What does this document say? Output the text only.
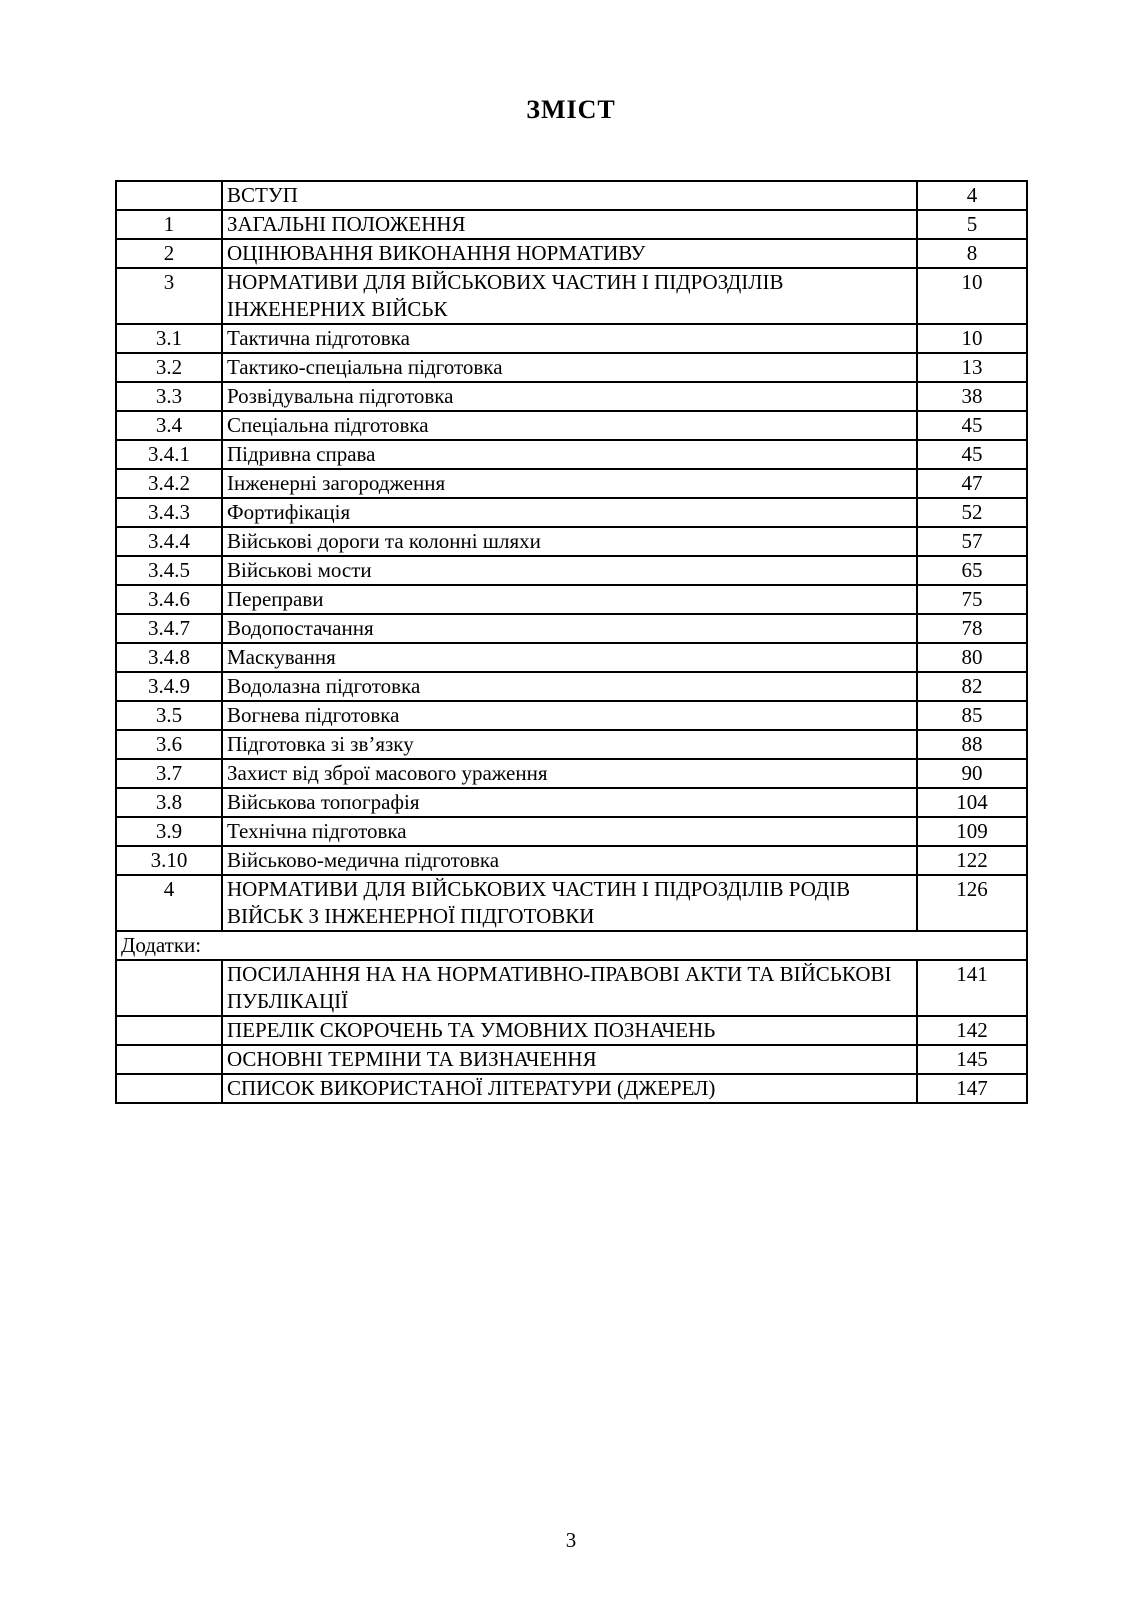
ЗМІСТ
	ВСТУП	4
1	ЗАГАЛЬНІ ПОЛОЖЕННЯ	5
2	ОЦІНЮВАННЯ ВИКОНАННЯ НОРМАТИВУ	8
3	НОРМАТИВИ ДЛЯ ВІЙСЬКОВИХ ЧАСТИН І ПІДРОЗДІЛІВ ІНЖЕНЕРНИХ ВІЙСЬК	10
3.1	Тактична підготовка	10
3.2	Тактико-спеціальна підготовка	13
3.3	Розвідувальна підготовка	38
3.4	Спеціальна підготовка	45
3.4.1	Підривна справа	45
3.4.2	Інженерні загородження	47
3.4.3	Фортифікація	52
3.4.4	Військові дороги та колонні шляхи	57
3.4.5	Військові мости	65
3.4.6	Переправи	75
3.4.7	Водопостачання	78
3.4.8	Маскування	80
3.4.9	Водолазна підготовка	82
3.5	Вогнева підготовка	85
3.6	Підготовка зі зв’язку	88
3.7	Захист від зброї масового ураження	90
3.8	Військова топографія	104
3.9	Технічна підготовка	109
3.10	Військово-медична підготовка	122
4	НОРМАТИВИ ДЛЯ ВІЙСЬКОВИХ ЧАСТИН І ПІДРОЗДІЛІВ РОДІВ ВІЙСЬК З ІНЖЕНЕРНОЇ ПІДГОТОВКИ	126
Додатки:		
	ПОСИЛАННЯ НА НА НОРМАТИВНО-ПРАВОВІ АКТИ ТА ВІЙСЬКОВІ ПУБЛІКАЦІЇ	141
	ПЕРЕЛІК СКОРОЧЕНЬ ТА УМОВНИХ ПОЗНАЧЕНЬ	142
	ОСНОВНІ ТЕРМІНИ ТА ВИЗНАЧЕННЯ	145
	СПИСОК ВИКОРИСТАНОЇ ЛІТЕРАТУРИ (ДЖЕРЕЛ)	147
3
